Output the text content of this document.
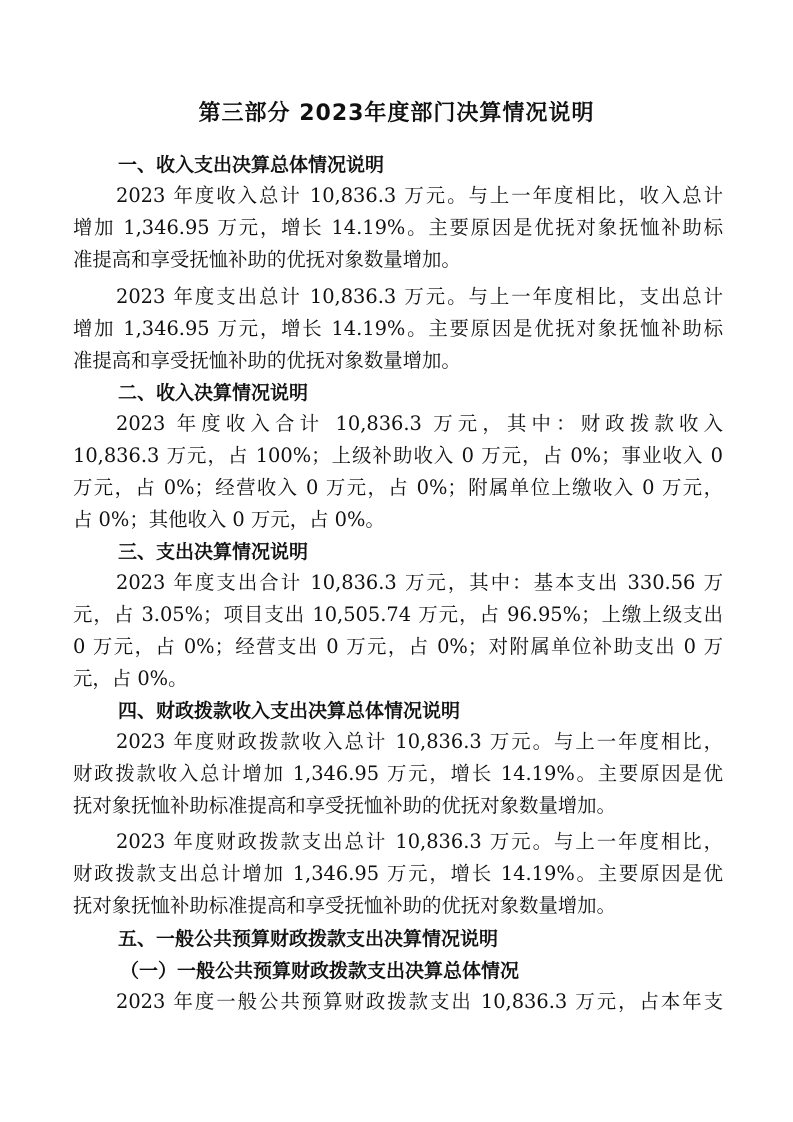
第三部分 2023年度部门决算情况说明
一、收入支出决算总体情况说明
2023 年度收入总计 10,836.3 万元。与上一年度相比，收入总计
增加 1,346.95 万元，增长 14.19%。主要原因是优抚对象抚恤补助标
准提高和享受抚恤补助的优抚对象数量增加。
2023 年度支出总计 10,836.3 万元。与上一年度相比，支出总计
增加 1,346.95 万元，增长 14.19%。主要原因是优抚对象抚恤补助标
准提高和享受抚恤补助的优抚对象数量增加。
二、收入决算情况说明
2023 年度收入合计 10,836.3 万元，其中：财政拨款收入
10,836.3 万元，占 100%；上级补助收入 0 万元，占 0%；事业收入 0
万元，占 0%；经营收入 0 万元，占 0%；附属单位上缴收入 0 万元，
占 0%；其他收入 0 万元，占 0%。
三、支出决算情况说明
2023 年度支出合计 10,836.3 万元，其中：基本支出 330.56 万
元，占 3.05%；项目支出 10,505.74 万元，占 96.95%；上缴上级支出
0 万元，占 0%；经营支出 0 万元，占 0%；对附属单位补助支出 0 万
元，占 0%。
四、财政拨款收入支出决算总体情况说明
2023 年度财政拨款收入总计 10,836.3 万元。与上一年度相比，
财政拨款收入总计增加 1,346.95 万元，增长 14.19%。主要原因是优
抚对象抚恤补助标准提高和享受抚恤补助的优抚对象数量增加。
2023 年度财政拨款支出总计 10,836.3 万元。与上一年度相比，
财政拨款支出总计增加 1,346.95 万元，增长 14.19%。主要原因是优
抚对象抚恤补助标准提高和享受抚恤补助的优抚对象数量增加。
五、一般公共预算财政拨款支出决算情况说明
（一）一般公共预算财政拨款支出决算总体情况
2023 年度一般公共预算财政拨款支出 10,836.3 万元，占本年支
